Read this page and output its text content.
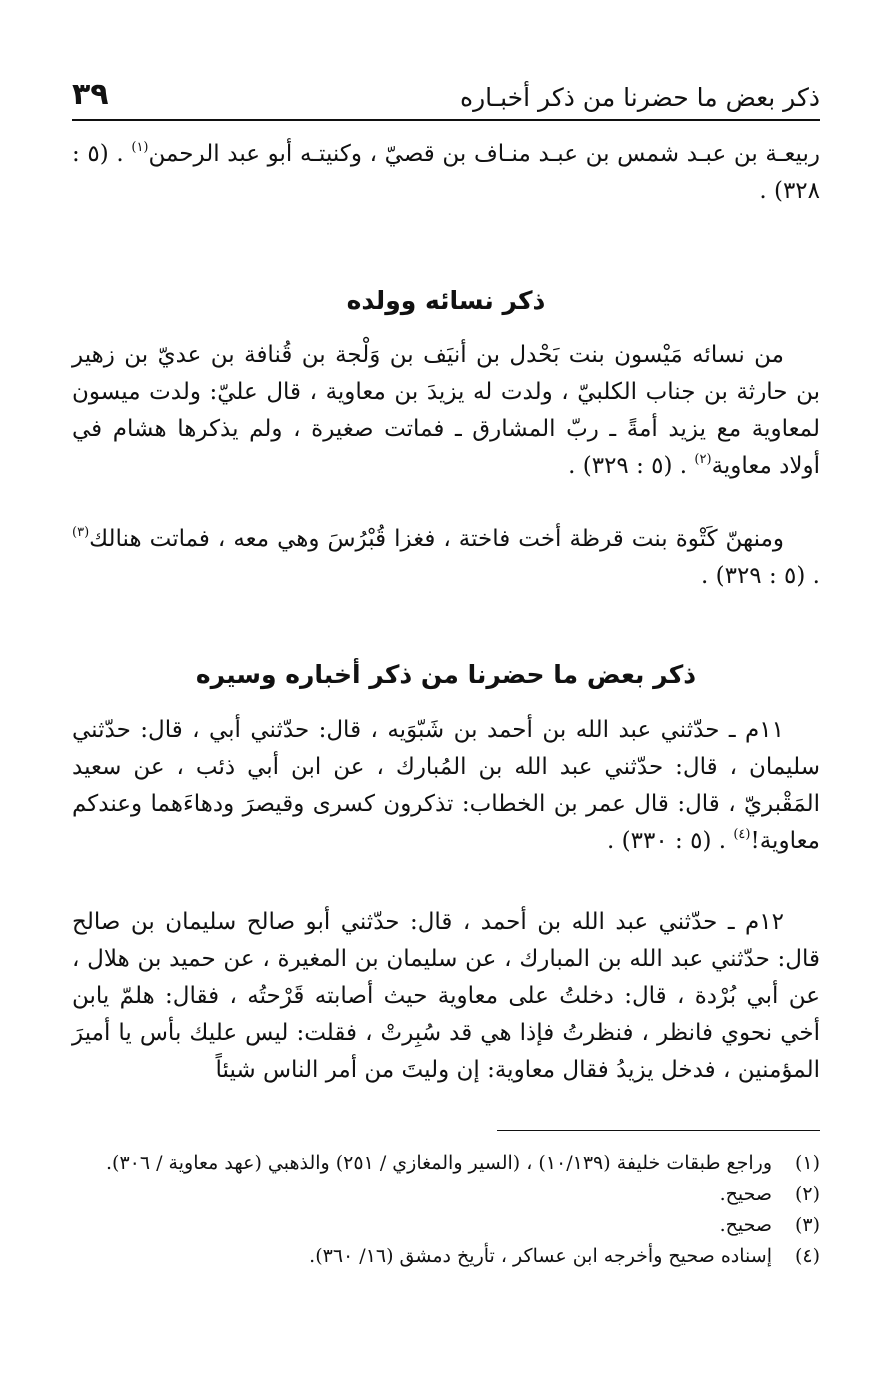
ذكر بعض ما حضرنا من ذكر أخبـاره
٣٩
ربيعـة بن عبـد شمس بن عبـد منـاف بن قصيّ ، وكنيتـه أبو عبد الرحمن$^{(١)}$ . (٥ : ٣٢٨) .
ذكر نسائه وولده
من نسائه مَيْسون بنت بَحْدل بن أنيَف بن وَلْجة بن قُنافة بن عديّ بن زهير بن حارثة بن جناب الكلبيّ ، ولدت له يزيدَ بن معاوية ، قال عليّ: ولدت ميسون لمعاوية مع يزيد أمةً ـ ربّ المشارق ـ فماتت صغيرة ، ولم يذكرها هشام في أولاد معاوية$^{(٢)}$ . (٥ : ٣٢٩) .
ومنهنّ كَتْوة بنت قرظة أخت فاختة ، فغزا قُبْرُسَ وهي معه ، فماتت هنالك$^{(٣)}$ . (٥ : ٣٢٩) .
ذكر بعض ما حضرنا من ذكر أخباره وسيره
١١م ـ حدّثني عبد الله بن أحمد بن شَبّوَيه ، قال: حدّثني أبي ، قال: حدّثني سليمان ، قال: حدّثني عبد الله بن المُبارك ، عن ابن أبي ذئب ، عن سعيد المَقْبريّ ، قال: قال عمر بن الخطاب: تذكرون كسرى وقيصرَ ودهاءَهما وعندكم معاوية!$^{(٤)}$ . (٥ : ٣٣٠) .
١٢م ـ حدّثني عبد الله بن أحمد ، قال: حدّثني أبو صالح سليمان بن صالح قال: حدّثني عبد الله بن المبارك ، عن سليمان بن المغيرة ، عن حميد بن هلال ، عن أبي بُرْدة ، قال: دخلتُ على معاوية حيث أصابته قَرْحتُه ، فقال: هلمّ يابن أخي نحوي فانظر ، فنظرتُ فإذا هي قد سُبِرتْ ، فقلت: ليس عليك بأس يا أميرَ المؤمنين ، فدخل يزيدُ فقال معاوية: إن وليتَ من أمر الناس شيئاً
(١)
وراجع طبقات خليفة (١٠/١٣٩) ، (السير والمغازي / ٢٥١) والذهبي (عهد معاوية / ٣٠٦).
(٢)
صحيح.
(٣)
صحيح.
(٤)
إسناده صحيح وأخرجه ابن عساكر ، تأريخ دمشق (١٦/ ٣٦٠).
